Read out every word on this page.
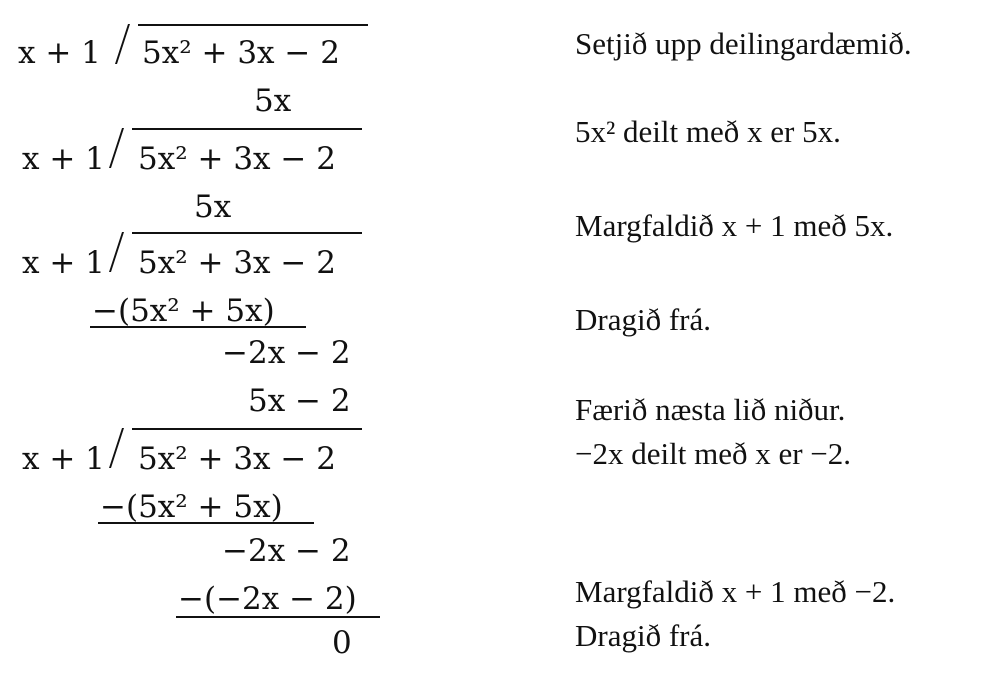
x + 1 5x² + 3x − 2	Setjið upp deilingardæmið.
5x
x + 1 5x² + 3x − 2
5x² deilt með x er 5x.
5x
x + 1 5x² + 3x − 2
Margfaldið x + 1 með 5x.
−(5x² + 5x)
−2x − 2
Dragið frá.
5x − 2
x + 1 5x² + 3x − 2
−(5x² + 5x)
−2x − 2
Færið næsta lið niður.
−2x deilt með x er −2.
−(−2x − 2)
0
Margfaldið x + 1 með −2.
Dragið frá.
